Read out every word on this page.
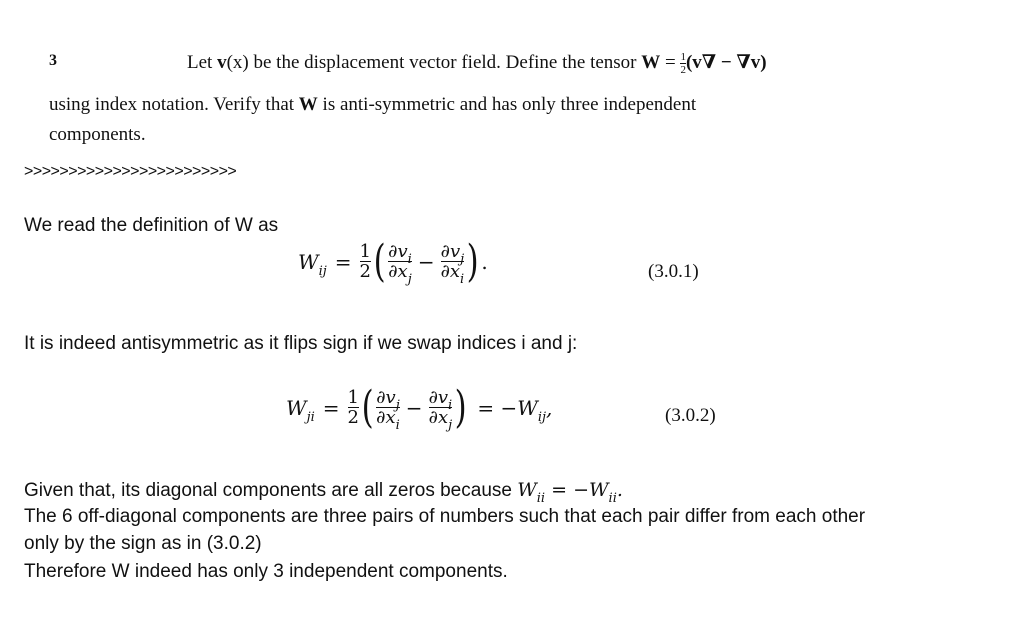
3	Let v(x) be the displacement vector field. Define the tensor $W = \frac{1}{2} (v\nabla - \nabla v)$
using index notation. Verify that W is anti-symmetric and has only three independent
components.
>>>>>>>>>>>>>>>>>>>>>>>>
We read the definition of W as
$W_{ij} = \frac{1}{2}$ ( $\frac{\partial v_i}{\partial x_j} - \frac{\partial v_j}{\partial x_i}$ ) .	(3.0.1)
It is indeed antisymmetric as it flips sign if we swap indices i and j:
$W_{ji} = \frac{1}{2}$ ( $\frac{\partial v_j}{\partial x_i} - \frac{\partial v_i}{\partial x_j}$ ) = $-W_{ij}$,	(3.0.2)
Given that, its diagonal components are all zeros because $W_{ii} = -W_{ii}$.
The 6 off-diagonal components are three pairs of numbers such that each pair differ from each other
only by the sign as in (3.0.2)
Therefore W indeed has only 3 independent components.
